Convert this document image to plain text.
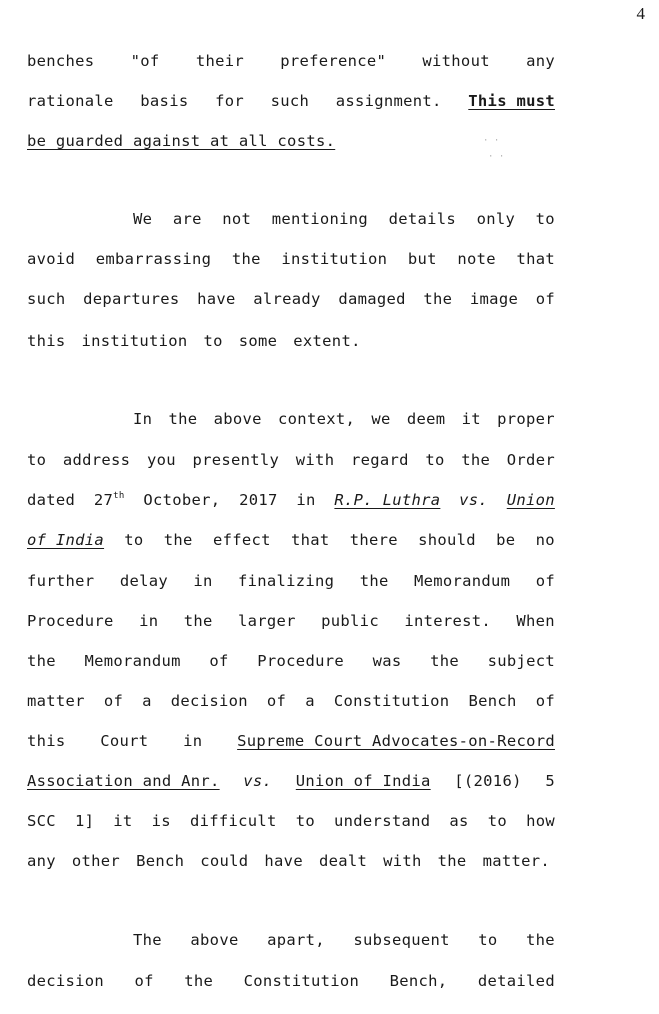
4
benches "of their preference" without any
rationale basis for such assignment. This must
be guarded against at all costs.
We are not mentioning details only to
avoid embarrassing the institution but note that
such departures have already damaged the image of
this	institution	to	some	extent.
In the above context, we deem it proper
to address you presently with regard to the Order
dated 27th October, 2017 in R.P. Luthra vs. Union
of India to the effect that there should be no
further delay in finalizing the Memorandum of
Procedure in the larger public interest. When
the Memorandum of Procedure was the subject
matter of a decision of a Constitution Bench of
this Court in Supreme Court Advocates-on-Record
Association and Anr. vs. Union of India [(2016) 5
SCC 1] it is difficult to understand as to how
any	other	Bench	could	have	dealt	with	the	matter.
The above apart, subsequent to the
decision of the Constitution Bench, detailed
· ·
· ·
